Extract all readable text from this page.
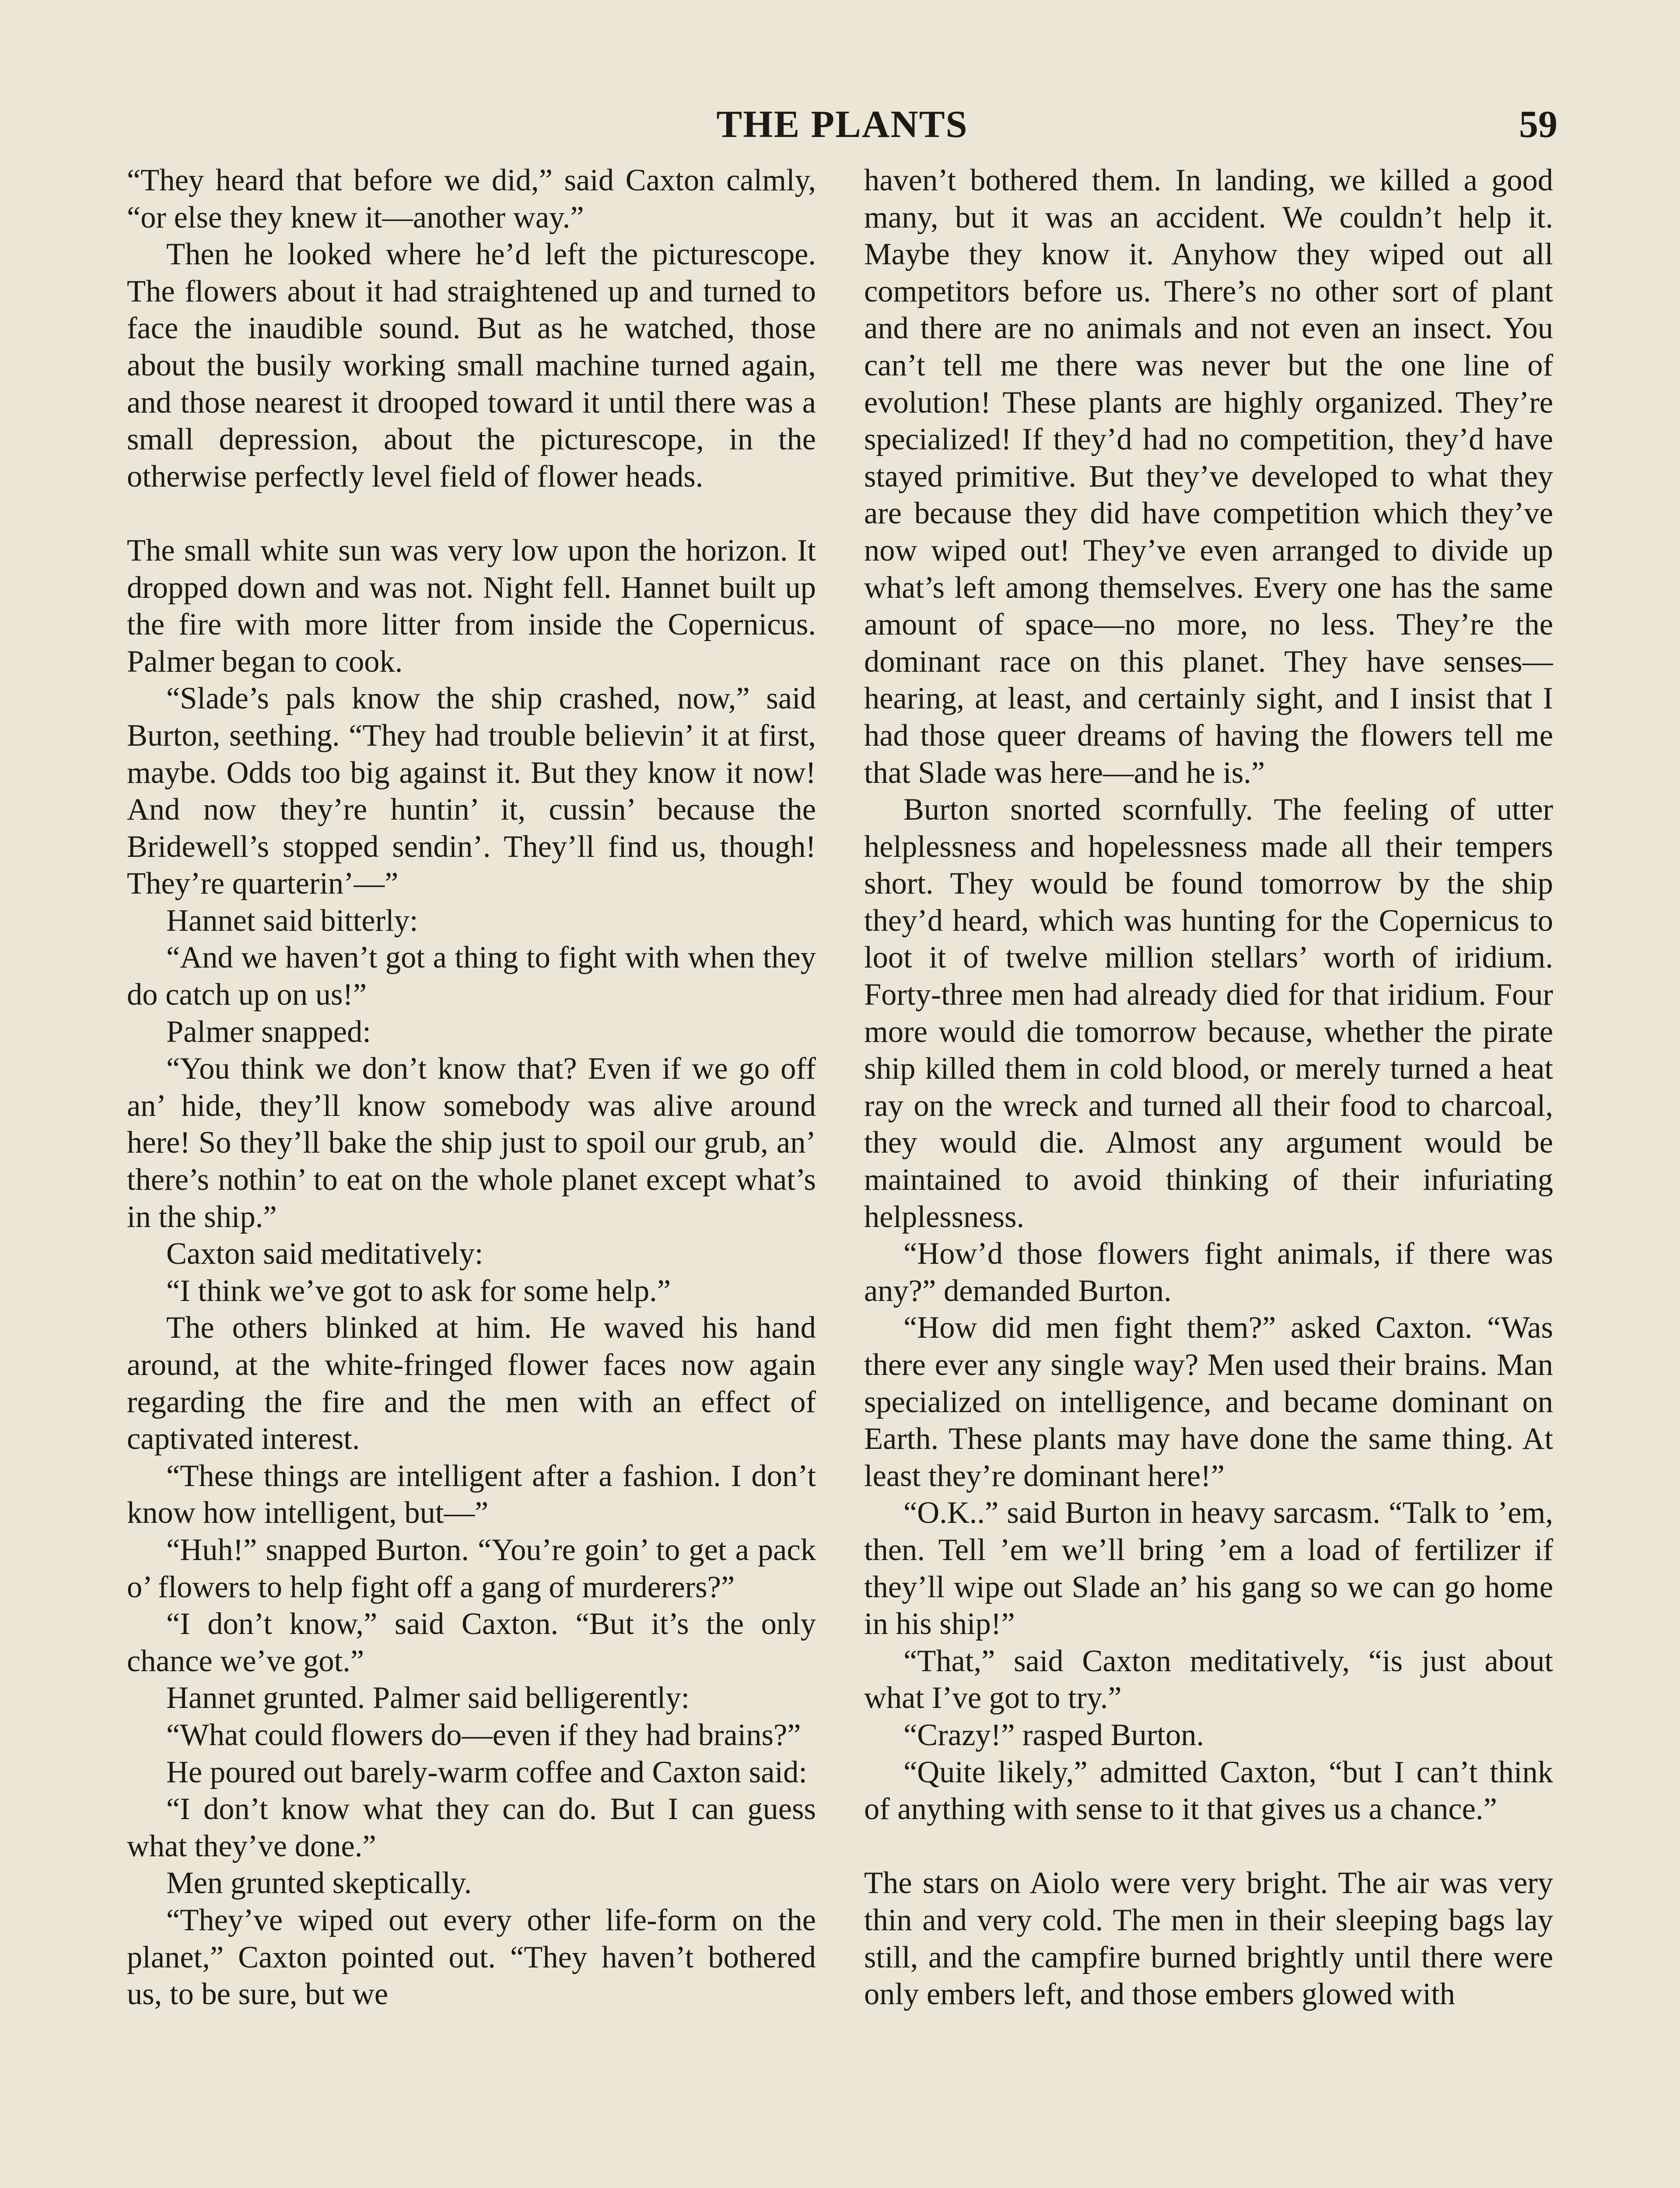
THE PLANTS	59

“They heard that before we did,” said Caxton calmly, “or else they knew it—another way.”

Then he looked where he’d left the picturescope. The flowers about it had straightened up and turned to face the inaudible sound. But as he watched, those about the busily working small machine turned again, and those nearest it drooped toward it until there was a small depression, about the picturescope, in the otherwise perfectly level field of flower heads.

The small white sun was very low upon the horizon. It dropped down and was not. Night fell. Hannet built up the fire with more litter from inside the Copernicus. Palmer began to cook.

“Slade’s pals know the ship crashed, now,” said Burton, seething. “They had trouble believin’ it at first, maybe. Odds too big against it. But they know it now! And now they’re huntin’ it, cussin’ because the Bridewell’s stopped sendin’. They’ll find us, though! They’re quarterin’—”

Hannet said bitterly:

“And we haven’t got a thing to fight with when they do catch up on us!”

Palmer snapped:

“You think we don’t know that? Even if we go off an’ hide, they’ll know somebody was alive around here! So they’ll bake the ship just to spoil our grub, an’ there’s nothin’ to eat on the whole planet except what’s in the ship.”

Caxton said meditatively:

“I think we’ve got to ask for some help.”

The others blinked at him. He waved his hand around, at the white-fringed flower faces now again regarding the fire and the men with an effect of captivated interest.

“These things are intelligent after a fashion. I don’t know how intelligent, but—”

“Huh!” snapped Burton. “You’re goin’ to get a pack o’ flowers to help fight off a gang of murderers?”

“I don’t know,” said Caxton. “But it’s the only chance we’ve got.”

Hannet grunted. Palmer said belligerently:

“What could flowers do—even if they had brains?”

He poured out barely-warm coffee and Caxton said:

“I don’t know what they can do. But I can guess what they’ve done.”

Men grunted skeptically.

“They’ve wiped out every other life-form on the planet,” Caxton pointed out. “They haven’t bothered us, to be sure, but we

haven’t bothered them. In landing, we killed a good many, but it was an accident. We couldn’t help it. Maybe they know it. Anyhow they wiped out all competitors before us. There’s no other sort of plant and there are no animals and not even an insect. You can’t tell me there was never but the one line of evolution! These plants are highly organized. They’re specialized! If they’d had no competition, they’d have stayed primitive. But they’ve developed to what they are because they did have competition which they’ve now wiped out! They’ve even arranged to divide up what’s left among themselves. Every one has the same amount of space—no more, no less. They’re the dominant race on this planet. They have senses—hearing, at least, and certainly sight, and I insist that I had those queer dreams of having the flowers tell me that Slade was here—and he is.”

Burton snorted scornfully. The feeling of utter helplessness and hopelessness made all their tempers short. They would be found tomorrow by the ship they’d heard, which was hunting for the Copernicus to loot it of twelve million stellars’ worth of iridium. Forty-three men had already died for that iridium. Four more would die tomorrow because, whether the pirate ship killed them in cold blood, or merely turned a heat ray on the wreck and turned all their food to charcoal, they would die. Almost any argument would be maintained to avoid thinking of their infuriating helplessness.

“How’d those flowers fight animals, if there was any?” demanded Burton.

“How did men fight them?” asked Caxton. “Was there ever any single way? Men used their brains. Man specialized on intelligence, and became dominant on Earth. These plants may have done the same thing. At least they’re dominant here!”

“O.K..” said Burton in heavy sarcasm. “Talk to ’em, then. Tell ’em we’ll bring ’em a load of fertilizer if they’ll wipe out Slade an’ his gang so we can go home in his ship!”

“That,” said Caxton meditatively, “is just about what I’ve got to try.”

“Crazy!” rasped Burton.

“Quite likely,” admitted Caxton, “but I can’t think of anything with sense to it that gives us a chance.”

The stars on Aiolo were very bright. The air was very thin and very cold. The men in their sleeping bags lay still, and the campfire burned brightly until there were only embers left, and those embers glowed with
